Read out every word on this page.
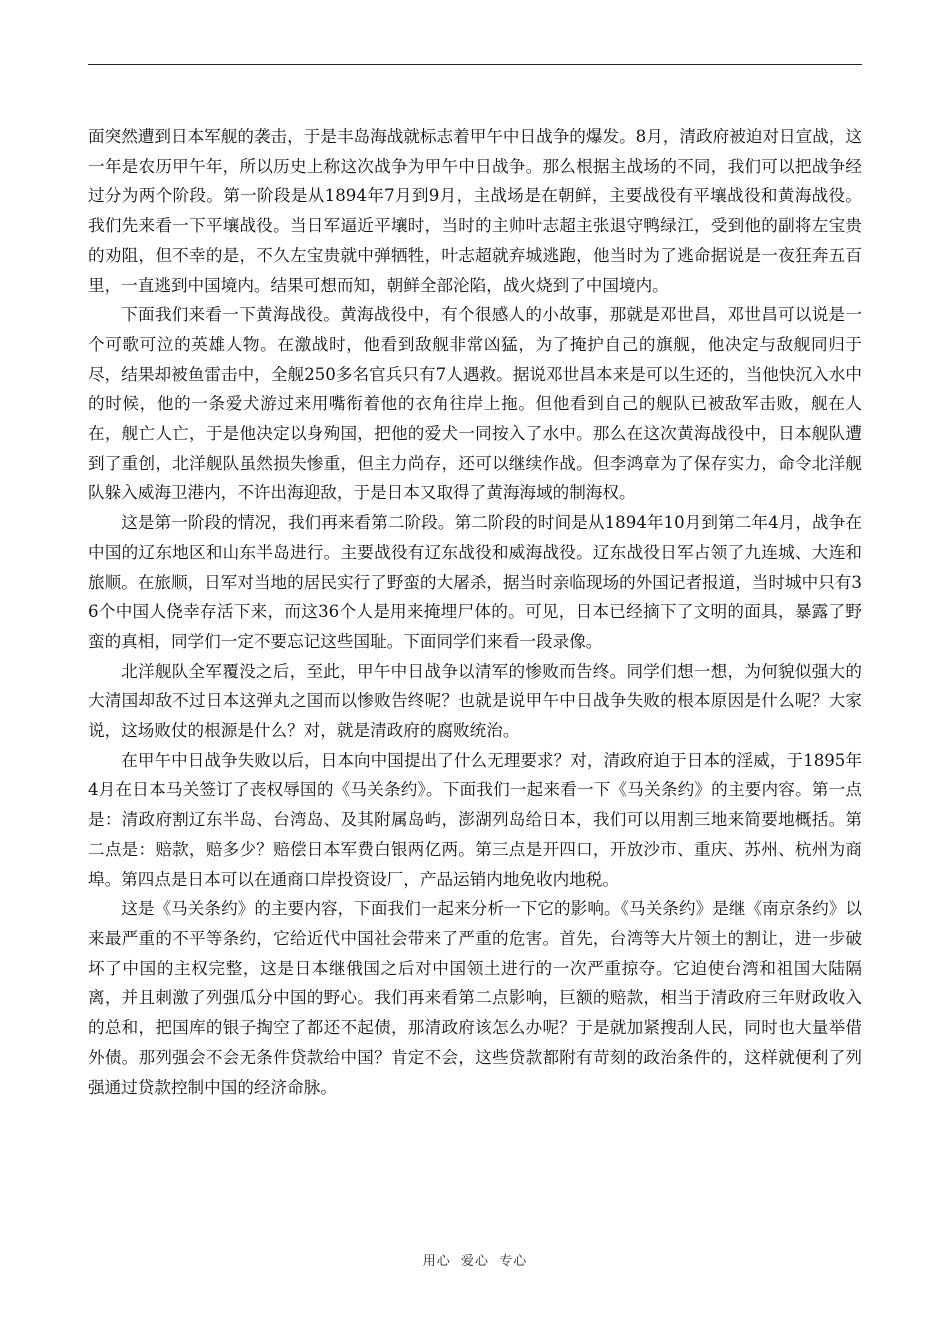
面突然遭到日本军舰的袭击，于是丰岛海战就标志着甲午中日战争的爆发。8月，清政府被迫对日宣战，这一年是农历甲午年，所以历史上称这次战争为甲午中日战争。那么根据主战场的不同，我们可以把战争经过分为两个阶段。第一阶段是从1894年7月到9月，主战场是在朝鲜，主要战役有平壤战役和黄海战役。我们先来看一下平壤战役。当日军逼近平壤时，当时的主帅叶志超主张退守鸭绿江，受到他的副将左宝贵的劝阻，但不幸的是，不久左宝贵就中弹牺牲，叶志超就弃城逃跑，他当时为了逃命据说是一夜狂奔五百里，一直逃到中国境内。结果可想而知，朝鲜全部沦陷，战火烧到了中国境内。

下面我们来看一下黄海战役。黄海战役中，有个很感人的小故事，那就是邓世昌，邓世昌可以说是一个可歌可泣的英雄人物。在激战时，他看到敌舰非常凶猛，为了掩护自己的旗舰，他决定与敌舰同归于尽，结果却被鱼雷击中，全舰250多名官兵只有7人遇救。据说邓世昌本来是可以生还的，当他快沉入水中的时候，他的一条爱犬游过来用嘴衔着他的衣角往岸上拖。但他看到自己的舰队已被敌军击败，舰在人在，舰亡人亡，于是他决定以身殉国，把他的爱犬一同按入了水中。那么在这次黄海战役中，日本舰队遭到了重创，北洋舰队虽然损失惨重，但主力尚存，还可以继续作战。但李鸿章为了保存实力，命令北洋舰队躲入威海卫港内，不许出海迎敌，于是日本又取得了黄海海域的制海权。

这是第一阶段的情况，我们再来看第二阶段。第二阶段的时间是从1894年10月到第二年4月，战争在中国的辽东地区和山东半岛进行。主要战役有辽东战役和威海战役。辽东战役日军占领了九连城、大连和旅顺。在旅顺，日军对当地的居民实行了野蛮的大屠杀，据当时亲临现场的外国记者报道，当时城中只有36个中国人侥幸存活下来，而这36个人是用来掩埋尸体的。可见，日本已经摘下了文明的面具，暴露了野蛮的真相，同学们一定不要忘记这些国耻。下面同学们来看一段录像。

北洋舰队全军覆没之后，至此，甲午中日战争以清军的惨败而告终。同学们想一想，为何貌似强大的大清国却敌不过日本这弹丸之国而以惨败告终呢？也就是说甲午中日战争失败的根本原因是什么呢？大家说，这场败仗的根源是什么？对，就是清政府的腐败统治。

在甲午中日战争失败以后，日本向中国提出了什么无理要求？对，清政府迫于日本的淫威，于1895年4月在日本马关签订了丧权辱国的《马关条约》。下面我们一起来看一下《马关条约》的主要内容。第一点是：清政府割辽东半岛、台湾岛、及其附属岛屿，澎湖列岛给日本，我们可以用割三地来简要地概括。第二点是：赔款，赔多少？赔偿日本军费白银两亿两。第三点是开四口，开放沙市、重庆、苏州、杭州为商埠。第四点是日本可以在通商口岸投资设厂，产品运销内地免收内地税。

这是《马关条约》的主要内容，下面我们一起来分析一下它的影响。《马关条约》是继《南京条约》以来最严重的不平等条约，它给近代中国社会带来了严重的危害。首先，台湾等大片领土的割让，进一步破坏了中国的主权完整，这是日本继俄国之后对中国领土进行的一次严重掠夺。它迫使台湾和祖国大陆隔离，并且刺激了列强瓜分中国的野心。我们再来看第二点影响，巨额的赔款，相当于清政府三年财政收入的总和，把国库的银子掏空了都还不起债，那清政府该怎么办呢？于是就加紧搜刮人民，同时也大量举借外债。那列强会不会无条件贷款给中国？肯定不会，这些贷款都附有苛刻的政治条件的，这样就便利了列强通过贷款控制中国的经济命脉。

用心  爱心  专心
